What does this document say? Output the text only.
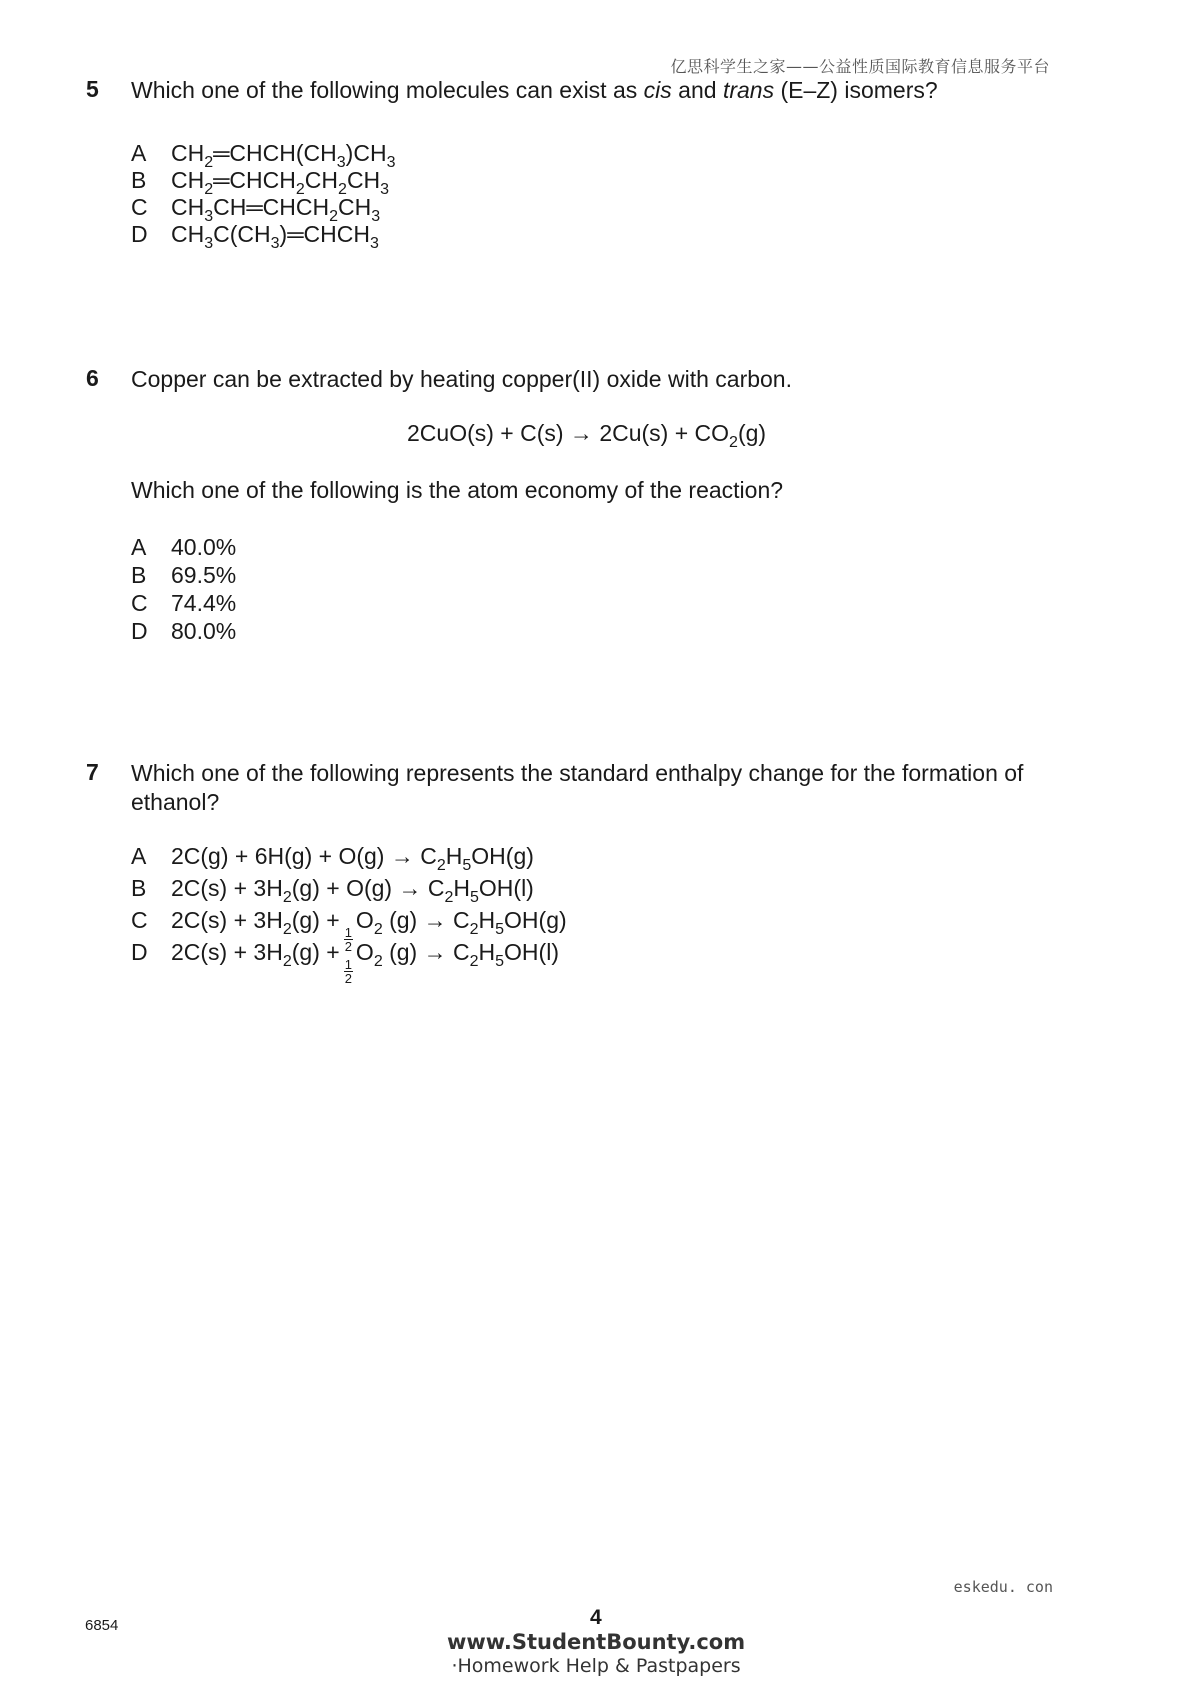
亿思科学生之家——公益性质国际教育信息服务平台
5 Which one of the following molecules can exist as cis and trans (E–Z) isomers?
A $CH_2═CHCH(CH_3)CH_3$
B $CH_2═CHCH_2CH_2CH_3$
C $CH_3CH═CHCH_2CH_3$
D $CH_3C(CH_3)═CHCH_3$
6 Copper can be extracted by heating copper(II) oxide with carbon.
$2CuO(s) + C(s) \to 2Cu(s) + CO_2(g)$
Which one of the following is the atom economy of the reaction?
A 40.0%
B 69.5%
C 74.4%
D 80.0%
7 Which one of the following represents the standard enthalpy change for the formation of
ethanol?
A $2C(g) + 6H(g) + O(g) \to C_2H_5OH(g)$
B $2C(s) + 3H_2(g) + O(g) \to C_2H_5OH(l)$
C $2C(s) + 3H_2(g)$ +
$\frac{1}{2}$
$O_2$ $(g) \to C_2H_5OH(g)$
D $2C(s) + 3H_2(g)$ +
$\frac{1}{2}$
$O_2$ $(g) \to C_2H_5OH(l)$
eskedu. con
6854	4
www.StudentBounty.com
·Homework Help & Pastpapers
